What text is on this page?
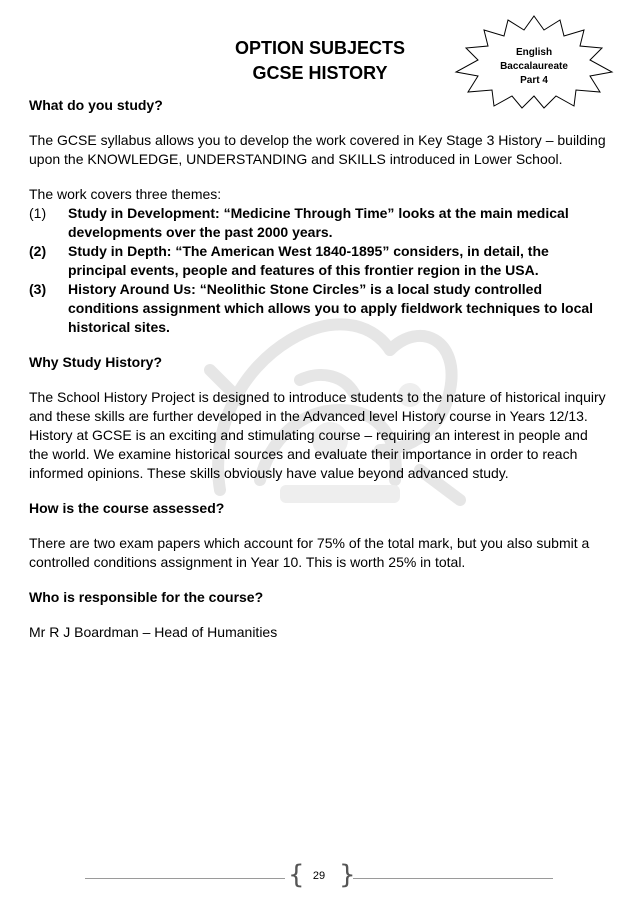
OPTION SUBJECTS
GCSE HISTORY
English
Baccalaureate
Part 4

What do you study?

The GCSE syllabus allows you to develop the work covered in Key Stage 3 History – building upon the KNOWLEDGE, UNDERSTANDING and SKILLS introduced in Lower School.

The work covers three themes:
(1)	Study in Development: “Medicine Through Time” looks at the main medical developments over the past 2000 years.
(2)	Study in Depth: “The American West 1840-1895” considers, in detail, the principal events, people and features of this frontier region in the USA.
(3)	History Around Us: “Neolithic Stone Circles” is a local study controlled conditions assignment which allows you to apply fieldwork techniques to local historical sites.

Why Study History?

The School History Project is designed to introduce students to the nature of historical inquiry and these skills are further developed in the Advanced level History course in Years 12/13. History at GCSE is an exciting and stimulating course – requiring an interest in people and the world. We examine historical sources and evaluate their importance in order to reach informed opinions. These skills obviously have value beyond advanced study.

How is the course assessed?

There are two exam papers which account for 75% of the total mark, but you also submit a controlled conditions assignment in Year 10. This is worth 25% in total.

Who is responsible for the course?

Mr R J Boardman – Head of Humanities

{ 29 }
